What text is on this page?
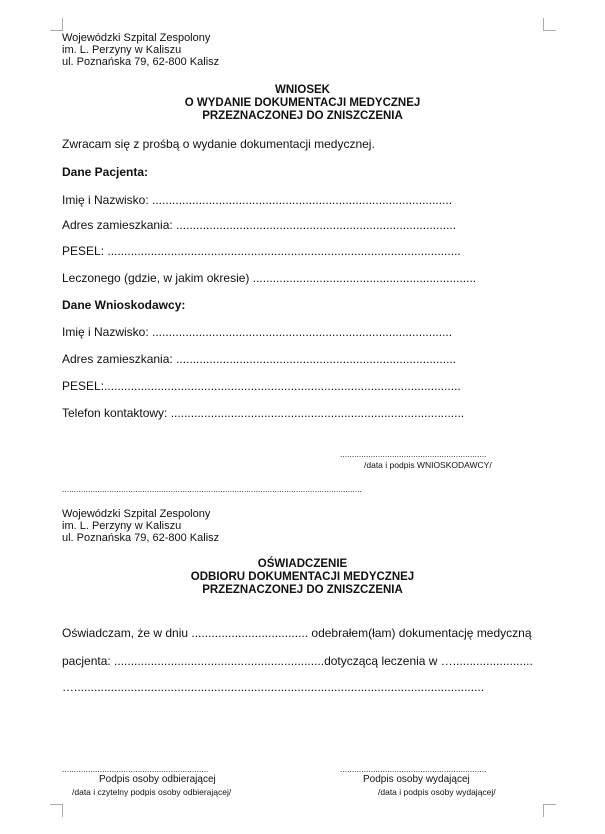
Wojewódzki Szpital Zespolony
im. L. Perzyny w Kaliszu
ul. Poznańska 79, 62-800 Kalisz
WNIOSEK
O WYDANIE DOKUMENTACJI MEDYCZNEJ
PRZEZNACZONEJ DO ZNISZCZENIA
Zwracam się z prośbą o wydanie dokumentacji medycznej.
Dane Pacjenta:
Imię i Nazwisko: ..........................................................................................
Adres zamieszkania: ....................................................................................
PESEL: ..........................................................................................................
Leczonego (gdzie, w jakim okresie) ...................................................................
Dane Wnioskodawcy:
Imię i Nazwisko: ..........................................................................................
Adres zamieszkania: ....................................................................................
PESEL:...........................................................................................................
Telefon kontaktowy: ........................................................................................
..............................................................
/data i podpis WNIOSKODAWCY/
...............................................................................................................................
Wojewódzki Szpital Zespolony
im. L. Perzyny w Kaliszu
ul. Poznańska 79, 62-800 Kalisz
OŚWIADCZENIE
ODBIORU DOKUMENTACJI MEDYCZNEJ
PRZEZNACZONEJ DO ZNISZCZENIA
Oświadczam, że w dniu ................................... odebrałem(łam) dokumentację medyczną
pacjenta: ...............................................................dotyczącą leczenia w …........................
…...........................................................................................................................
..............................................................
Podpis osoby odbierającej
/data i czytelny podpis osoby odbierającej/
..............................................................
Podpis osoby wydającej
/data i podpis osoby wydającej/
